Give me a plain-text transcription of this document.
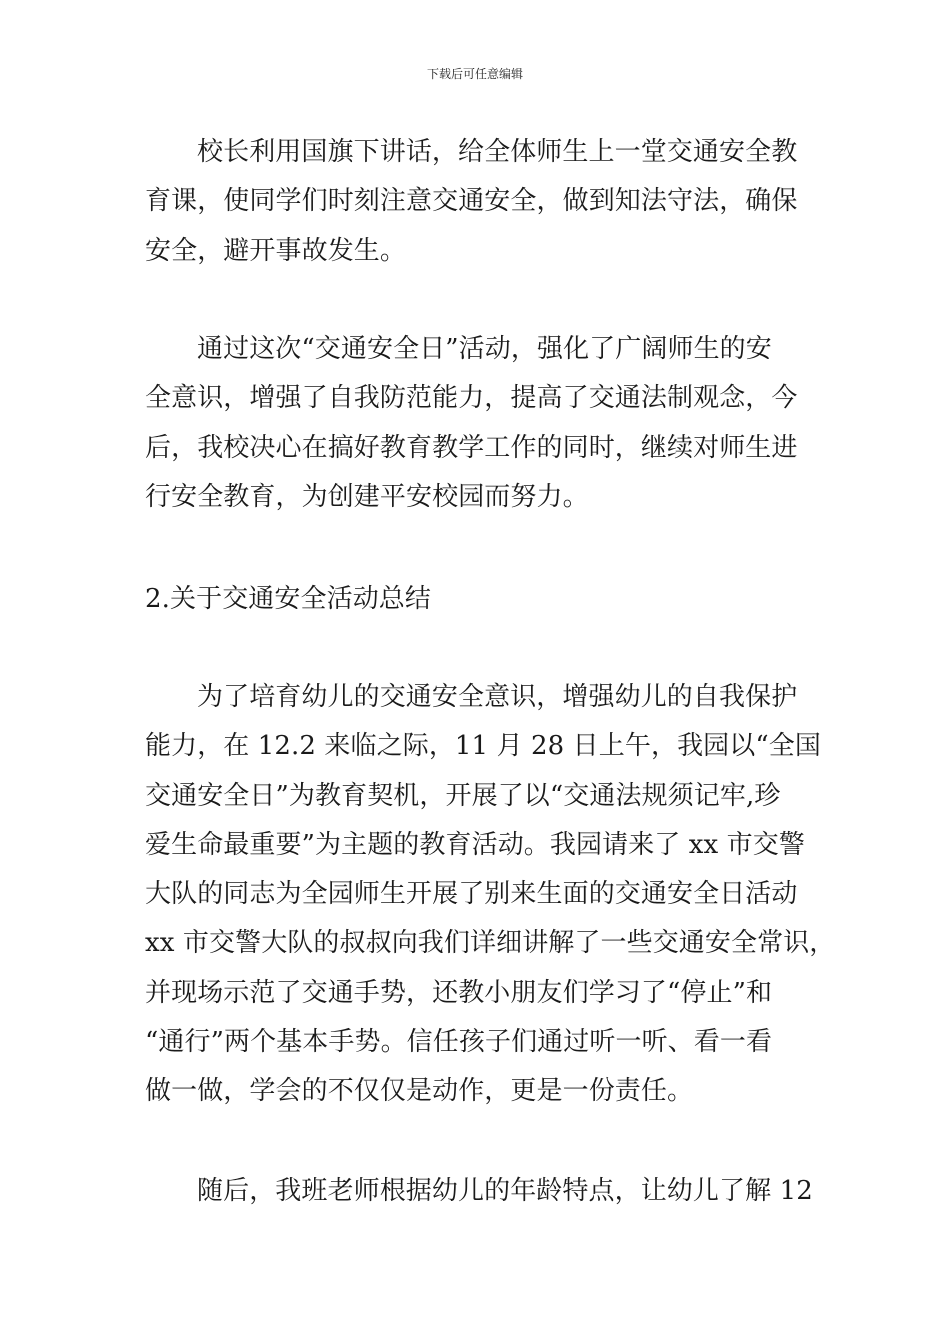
下载后可任意编辑
校长利用国旗下讲话，给全体师生上一堂交通安全教
育课，使同学们时刻注意交通安全，做到知法守法，确保
安全，避开事故发生。
通过这次“交通安全日”活动，强化了广阔师生的安
全意识，增强了自我防范能力，提高了交通法制观念，今
后，我校决心在搞好教育教学工作的同时，继续对师生进
行安全教育，为创建平安校园而努力。
2.关于交通安全活动总结
为了培育幼儿的交通安全意识，增强幼儿的自我保护
能力，在 12.2 来临之际，11 月 28 日上午，我园以“全国
交通安全日”为教育契机，开展了以“交通法规须记牢,珍
爱生命最重要”为主题的教育活动。我园请来了 xx 市交警
大队的同志为全园师生开展了别来生面的交通安全日活动
xx 市交警大队的叔叔向我们详细讲解了一些交通安全常识，
并现场示范了交通手势，还教小朋友们学习了“停止”和
“通行”两个基本手势。信任孩子们通过听一听、看一看
做一做，学会的不仅仅是动作，更是一份责任。
随后，我班老师根据幼儿的年龄特点，让幼儿了解 12
